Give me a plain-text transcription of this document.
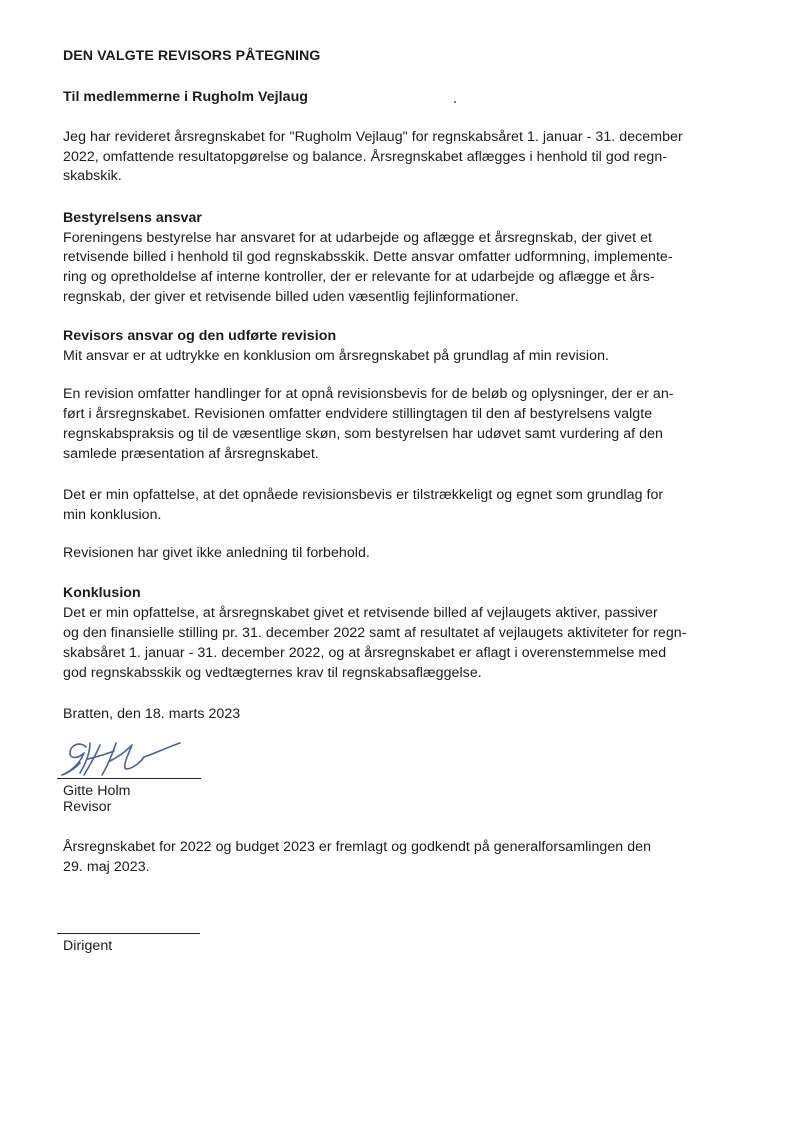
DEN VALGTE REVISORS PÅTEGNING
Til medlemmerne i Rugholm Vejlaug
Jeg har revideret årsregnskabet for "Rugholm Vejlaug" for regnskabsåret 1. januar - 31. december
2022, omfattende resultatopgørelse og balance. Årsregnskabet aflægges i henhold til god regn-
skabskik.
Bestyrelsens ansvar
Foreningens bestyrelse har ansvaret for at udarbejde og aflægge et årsregnskab, der givet et
retvisende billed i henhold til god regnskabsskik. Dette ansvar omfatter udformning, implemente-
ring og opretholdelse af interne kontroller, der er relevante for at udarbejde og aflægge et års-
regnskab, der giver et retvisende billed uden væsentlig fejlinformationer.
Revisors ansvar og den udførte revision
Mit ansvar er at udtrykke en konklusion om årsregnskabet på grundlag af min revision.
En revision omfatter handlinger for at opnå revisionsbevis for de beløb og oplysninger, der er an-
ført i årsregnskabet. Revisionen omfatter endvidere stillingtagen til den af bestyrelsens valgte
regnskabspraksis og til de væsentlige skøn, som bestyrelsen har udøvet samt vurdering af den
samlede præsentation af årsregnskabet.
Det er min opfattelse, at det opnåede revisionsbevis er tilstrækkeligt og egnet som grundlag for
min konklusion.
Revisionen har givet ikke anledning til forbehold.
Konklusion
Det er min opfattelse, at årsregnskabet givet et retvisende billed af vejlaugets aktiver, passiver
og den finansielle stilling pr. 31. december 2022 samt af resultatet af vejlaugets aktiviteter for regn-
skabsåret 1. januar - 31. december 2022, og at årsregnskabet er aflagt i overenstemmelse med
god regnskabsskik og vedtægternes krav til regnskabsaflæggelse.
Bratten, den 18. marts 2023
Gitte Holm
Revisor
Årsregnskabet for 2022 og budget 2023 er fremlagt og godkendt på generalforsamlingen den
29. maj 2023.
Dirigent
